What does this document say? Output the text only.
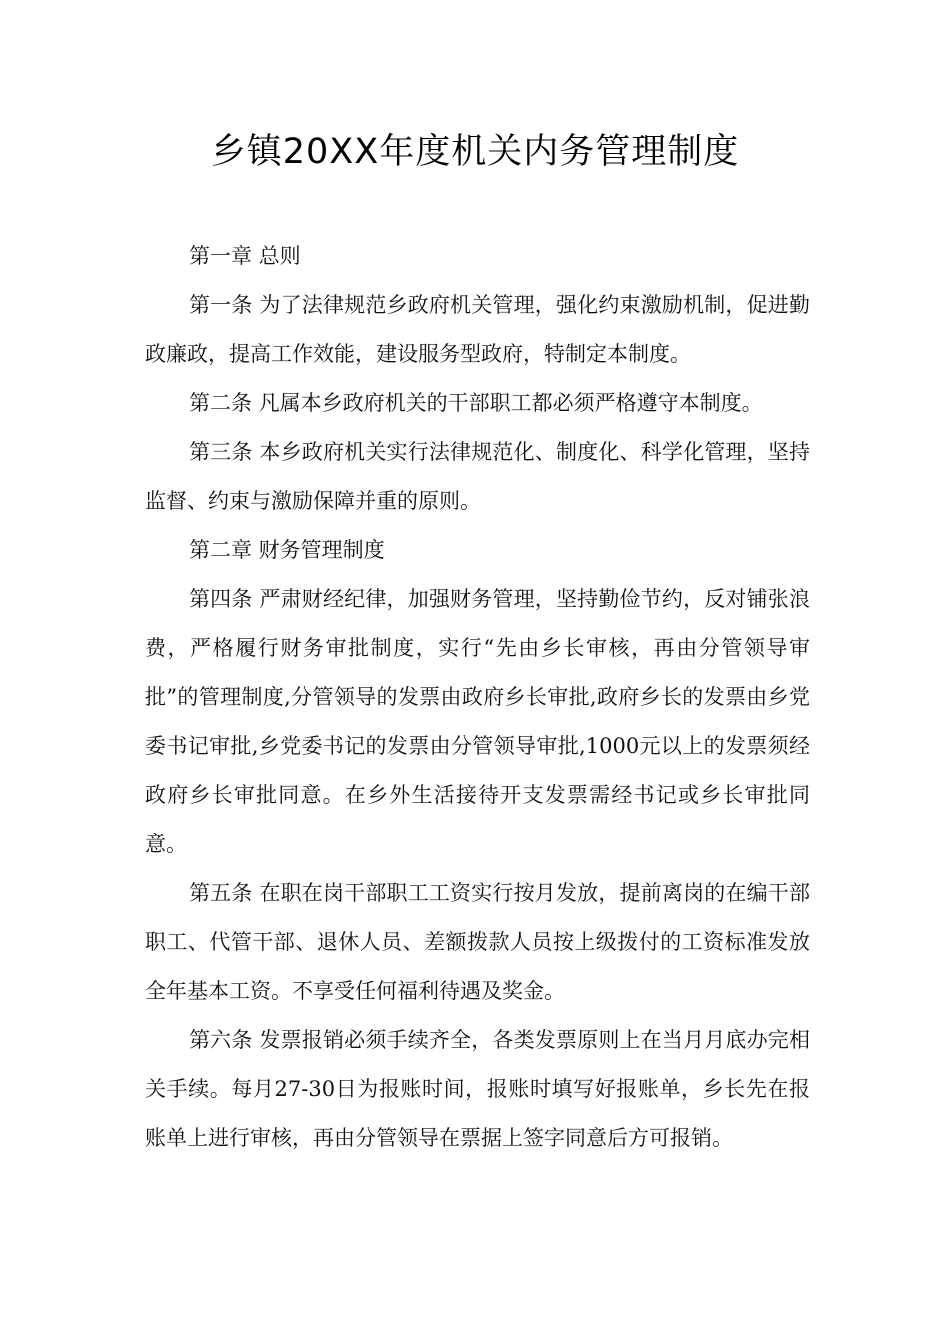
乡镇20XX年度机关内务管理制度

第一章 总则

第一条 为了法律规范乡政府机关管理，强化约束激励机制，促进勤政廉政，提高工作效能，建设服务型政府，特制定本制度。

第二条 凡属本乡政府机关的干部职工都必须严格遵守本制度。

第三条 本乡政府机关实行法律规范化、制度化、科学化管理，坚持监督、约束与激励保障并重的原则。

第二章 财务管理制度

第四条 严肃财经纪律，加强财务管理，坚持勤俭节约，反对铺张浪费，严格履行财务审批制度，实行“先由乡长审核，再由分管领导审批”的管理制度,分管领导的发票由政府乡长审批,政府乡长的发票由乡党委书记审批,乡党委书记的发票由分管领导审批,1000元以上的发票须经政府乡长审批同意。在乡外生活接待开支发票需经书记或乡长审批同意。

第五条 在职在岗干部职工工资实行按月发放，提前离岗的在编干部职工、代管干部、退休人员、差额拨款人员按上级拨付的工资标准发放全年基本工资。不享受任何福利待遇及奖金。

第六条 发票报销必须手续齐全，各类发票原则上在当月月底办完相关手续。每月27-30日为报账时间，报账时填写好报账单，乡长先在报账单上进行审核，再由分管领导在票据上签字同意后方可报销。
